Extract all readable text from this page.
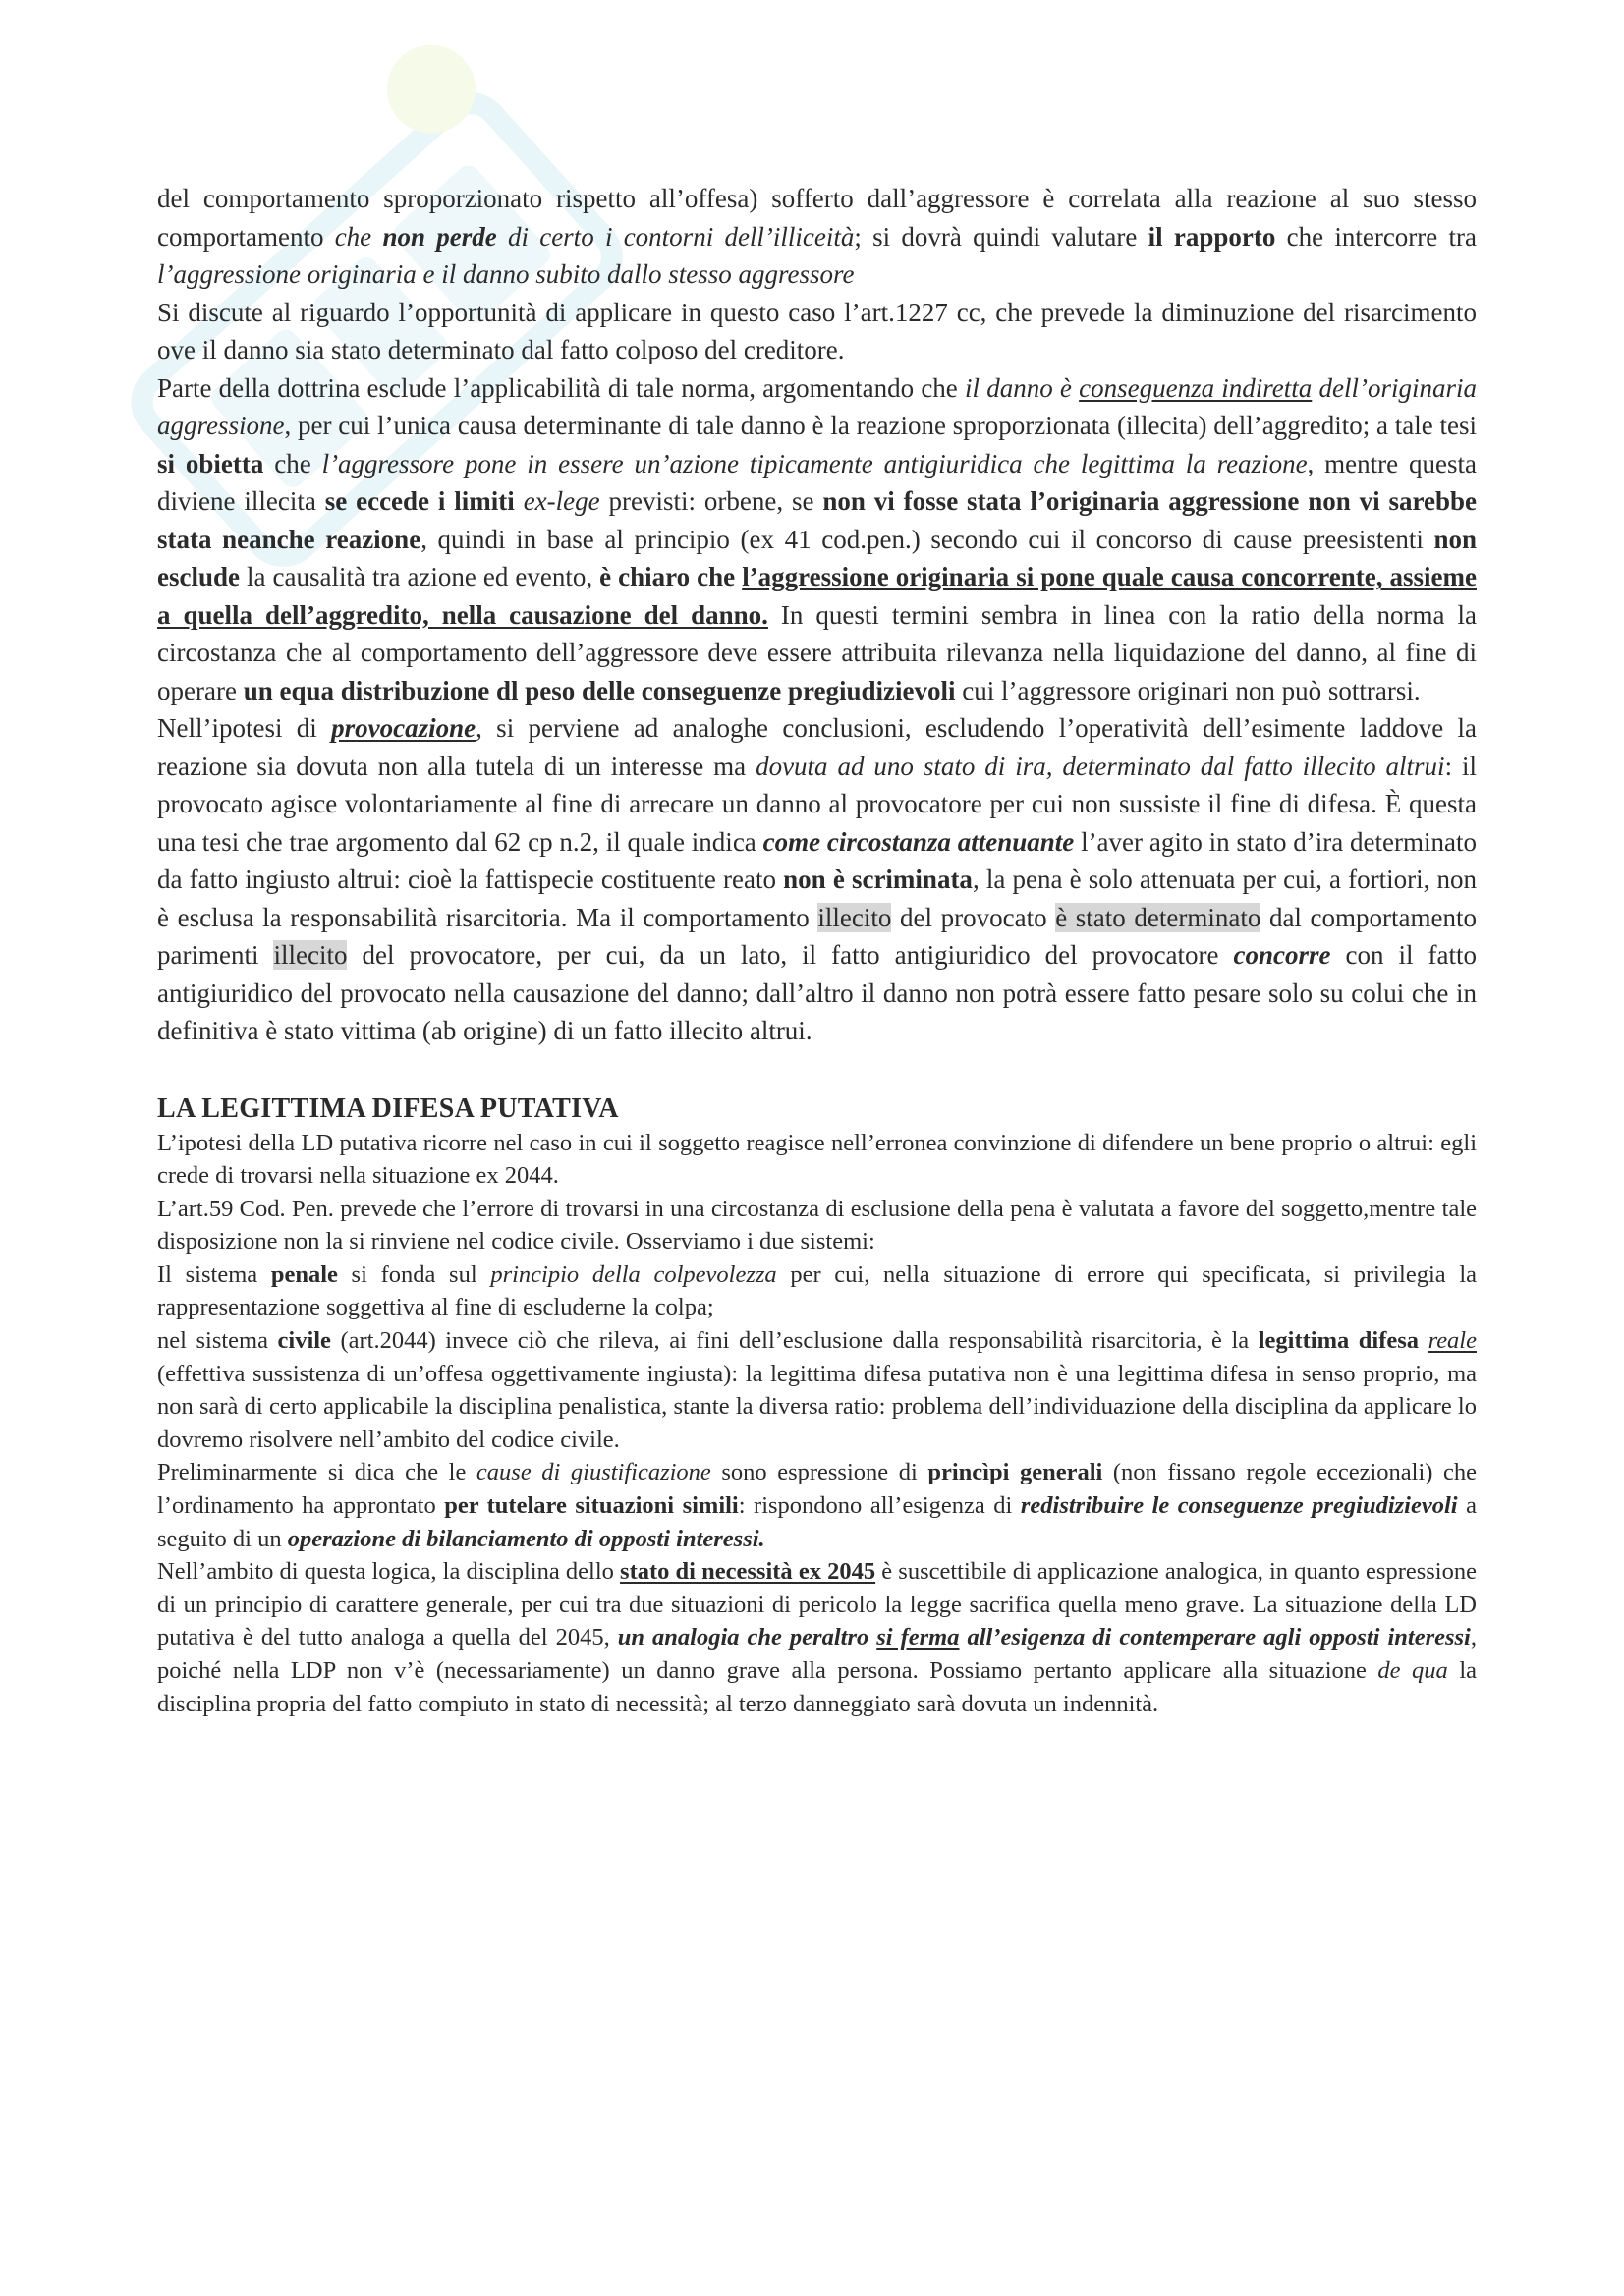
del comportamento sproporzionato rispetto all’offesa) sofferto dall’aggressore è correlata alla reazione al suo stesso comportamento che non perde di certo i contorni dell’illiceità; si dovrà quindi valutare il rapporto che intercorre tra l’aggressione originaria e il danno subito dallo stesso aggressore

Si discute al riguardo l’opportunità di applicare in questo caso l’art.1227 cc, che prevede la diminuzione del risarcimento ove il danno sia stato determinato dal fatto colposo del creditore.

Parte della dottrina esclude l’applicabilità di tale norma, argomentando che il danno è conseguenza indiretta dell’originaria aggressione, per cui l’unica causa determinante di tale danno è la reazione sproporzionata (illecita) dell’aggredito; a tale tesi si obietta che l’aggressore pone in essere un’azione tipicamente antigiuridica che legittima la reazione, mentre questa diviene illecita se eccede i limiti ex-lege previsti: orbene, se non vi fosse stata l’originaria aggressione non vi sarebbe stata neanche reazione, quindi in base al principio (ex 41 cod.pen.) secondo cui il concorso di cause preesistenti non esclude la causalità tra azione ed evento, è chiaro che l’aggressione originaria si pone quale causa concorrente, assieme a quella dell’aggredito, nella causazione del danno. In questi termini sembra in linea con la ratio della norma la circostanza che al comportamento dell’aggressore deve essere attribuita rilevanza nella liquidazione del danno, al fine di operare un equa distribuzione dl peso delle conseguenze pregiudizievoli cui l’aggressore originari non può sottrarsi.

Nell’ipotesi di provocazione, si perviene ad analoghe conclusioni, escludendo l’operatività dell’esimente laddove la reazione sia dovuta non alla tutela di un interesse ma dovuta ad uno stato di ira, determinato dal fatto illecito altrui: il provocato agisce volontariamente al fine di arrecare un danno al provocatore per cui non sussiste il fine di difesa. È questa una tesi che trae argomento dal 62 cp n.2, il quale indica come circostanza attenuante l’aver agito in stato d’ira determinato da fatto ingiusto altrui: cioè la fattispecie costituente reato non è scriminata, la pena è solo attenuata per cui, a fortiori, non è esclusa la responsabilità risarcitoria. Ma il comportamento illecito del provocato è stato determinato dal comportamento parimenti illecito del provocatore, per cui, da un lato, il fatto antigiuridico del provocatore concorre con il fatto antigiuridico del provocato nella causazione del danno; dall’altro il danno non potrà essere fatto pesare solo su colui che in definitiva è stato vittima (ab origine) di un fatto illecito altrui.

LA LEGITTIMA DIFESA PUTATIVA

L’ipotesi della LD putativa ricorre nel caso in cui il soggetto reagisce nell’erronea convinzione di difendere un bene proprio o altrui: egli crede di trovarsi nella situazione ex 2044.

L’art.59 Cod. Pen. prevede che l’errore di trovarsi in una circostanza di esclusione della pena è valutata a favore del soggetto,mentre tale disposizione non la si rinviene nel codice civile. Osserviamo i due sistemi:

Il sistema penale si fonda sul principio della colpevolezza per cui, nella situazione di errore qui specificata, si privilegia la rappresentazione soggettiva al fine di escluderne la colpa;

nel sistema civile (art.2044) invece ciò che rileva, ai fini dell’esclusione dalla responsabilità risarcitoria, è la legittima difesa reale (effettiva sussistenza di un’offesa oggettivamente ingiusta): la legittima difesa putativa non è una legittima difesa in senso proprio, ma non sarà di certo applicabile la disciplina penalistica, stante la diversa ratio: problema dell’individuazione della disciplina da applicare lo dovremo risolvere nell’ambito del codice civile.

Preliminarmente si dica che le cause di giustificazione sono espressione di princìpi generali (non fissano regole eccezionali) che l’ordinamento ha approntato per tutelare situazioni simili: rispondono all’esigenza di redistribuire le conseguenze pregiudizievoli a seguito di un operazione di bilanciamento di opposti interessi.

Nell’ambito di questa logica, la disciplina dello stato di necessità ex 2045 è suscettibile di applicazione analogica, in quanto espressione di un principio di carattere generale, per cui tra due situazioni di pericolo la legge sacrifica quella meno grave. La situazione della LD putativa è del tutto analoga a quella del 2045, un analogia che peraltro si ferma all’esigenza di contemperare agli opposti interessi, poiché nella LDP non v’è (necessariamente) un danno grave alla persona. Possiamo pertanto applicare alla situazione de qua la disciplina propria del fatto compiuto in stato di necessità; al terzo danneggiato sarà dovuta un indennità.
